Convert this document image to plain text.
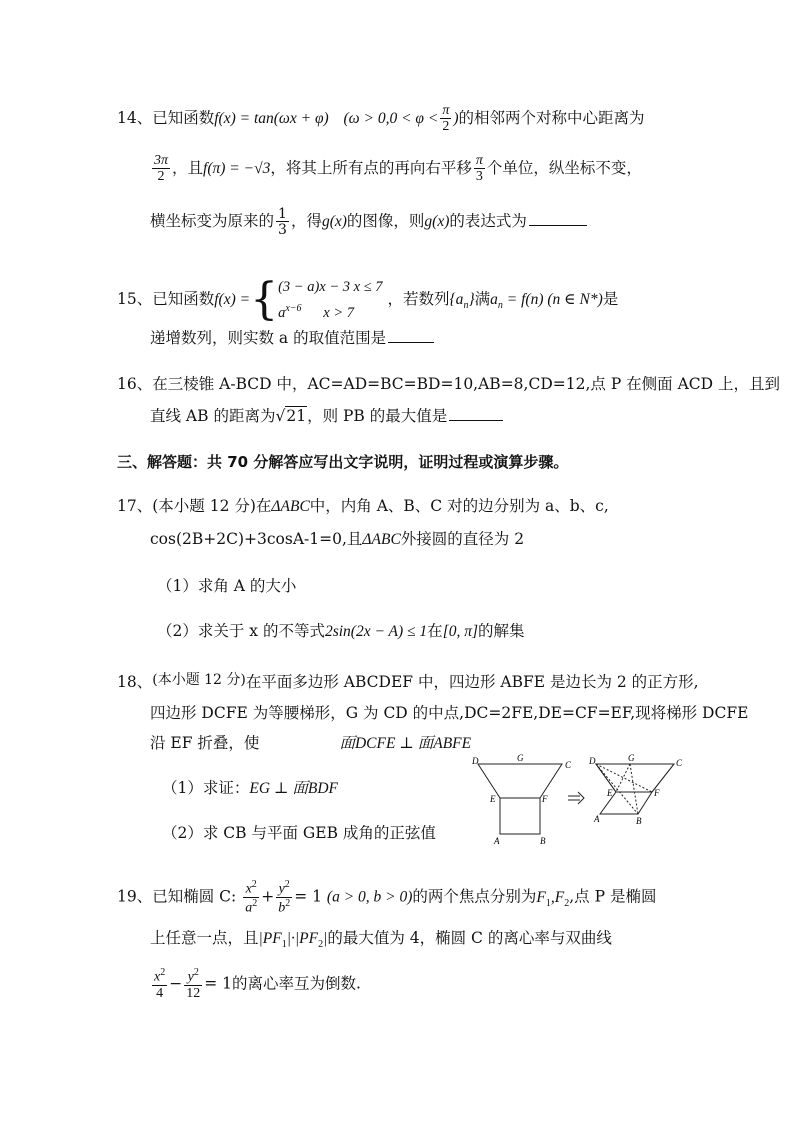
14、已知函数f(x) = tan(ωx + φ) ($\omega > 0,0 < \varphi < \frac{\pi}{2}$ )的相邻两个对称中心距离为
$\frac{3\pi}{2}$ ，且f(π) = −√3，将其上所有点的再向右平移 $\frac{\pi}{3}$ 个单位，纵坐标不变，
横坐标变为原来的 $\frac{1}{3}$ ，得g(x)的图像，则g(x)的表达式为
15、已知函数f(x) ={ (3 − a)x − 3 x ≤ 7
$a^{x-6}$ x > 7
，若数列$\{a_n\}$满$a_n = f(n)$ (n ∈ N*)是
递增数列，则实数 a 的取值范围是
16、在三棱锥 A-BCD 中，AC=AD=BC=BD=10,AB=8,CD=12,点 P 在侧面 ACD 上，且到
直线 AB 的距离为√21，则 PB 的最大值是
三、解答题：共 70 分解答应写出文字说明，证明过程或演算步骤。
17、(本小题 12 分)在ΔABC中，内角 A、B、C 对的边分别为 a、b、c,
cos(2B+2C)+3cosA-1=0,且ΔABC外接圆的直径为 2
（1）求角 A 的大小
（2）求关于 x 的不等式2sin(2x − A) ≤ 1在[0, π]的解集
18、(本小题 12 分)在平面多边形 ABCDEF 中，四边形 ABFE 是边长为 2 的正方形,
四边形 DCFE 为等腰梯形，G 为 CD 的中点,DC=2FE,DE=CF=EF,现将梯形 DCFE
沿 EF 折叠，使	面DCFE ⊥ 面ABFE
（1）求证：EG ⊥ 面BDF
（2）求 CB 与平面 GEB 成角的正弦值
D	G
C
E	F
A	B
D	G	C
E	F
A	B
19、已知椭圆 C: $\frac{x^2}{a^2} + \frac{y^2}{b^2} = 1$ (a > 0, b > 0)的两个焦点分别为$F_1,F_2$,点 P 是椭圆
上任意一点，且$|PF_1|\cdot|PF_2|$的最大值为 4，椭圆 C 的离心率与双曲线
$\frac{x^2}{4} - \frac{y^2}{12} = 1$的离心率互为倒数.
